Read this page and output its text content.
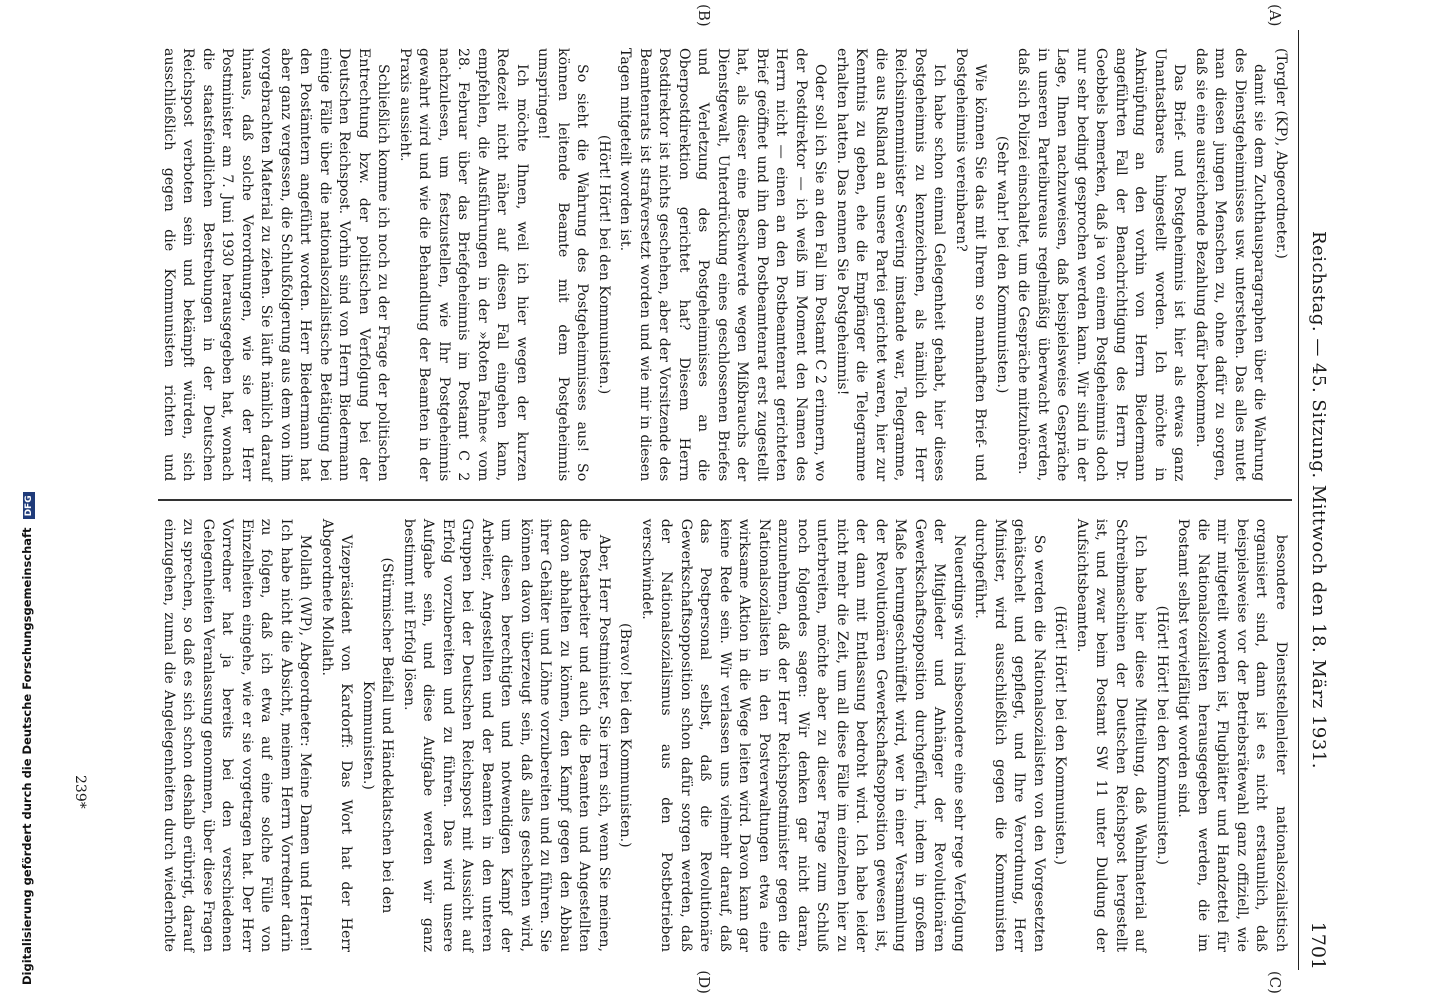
Digitalisierung gefördert durch die Deutsche Forschungsgemeinschaft DFG
239*
Reichstag. — 45. Sitzung. Mittwoch den 18. März 1931.
1701

(Torgler (KP), Abgeordneter.)

damit sie dem Zuchthausparagraphen über die Wahrung des Dienstgeheimnisses usw. unterstehen. Das alles mutet man diesen jungen Menschen zu, ohne dafür zu sorgen, daß sie eine ausreichende Bezahlung dafür bekommen.

Das Brief- und Postgeheimnis ist hier als etwas ganz Unantastbares hingestellt worden. Ich möchte in Anknüpfung an den vorhin von Herrn Biedermann angeführten Fall der Benachrichtigung des Herrn Dr. Goebbels bemerken, daß ja von einem Postgeheimnis doch nur sehr bedingt gesprochen werden kann. Wir sind in der Lage, Ihnen nachzuweisen, daß beispielsweise Gespräche in unseren Parteibureaus regelmäßig überwacht werden, daß sich Polizei einschaltet, um die Gespräche mitzuhören.

(Sehr wahr! bei den Kommunisten.)

Wie können Sie das mit Ihrem so mannhaften Brief- und Postgeheimnis vereinbaren?

Ich habe schon einmal Gelegenheit gehabt, hier dieses Postgeheimnis zu kennzeichnen, als nämlich der Herr Reichsinnenminister Severing imstande war, Telegramme, die aus Rußland an unsere Partei gerichtet waren, hier zur Kenntnis zu geben, ehe die Empfänger die Telegramme erhalten hatten. Das nennen Sie Postgeheimnis!

Oder soll ich Sie an den Fall im Postamt C 2 erinnern, wo der Postdirektor — ich weiß im Moment den Namen des Herrn nicht — einen an den Postbeamtenrat gerichteten Brief geöffnet und ihn dem Postbeamtenrat erst zugestellt hat, als dieser eine Beschwerde wegen Mißbrauchs der Dienstgewalt, Unterdrückung eines geschlossenen Briefes und Verletzung des Postgeheimnisses an die Oberpostdirektion gerichtet hat? Diesem Herrn Postdirektor ist nichts geschehen, aber der Vorsitzende des Beamtenrats ist strafversetzt worden und wie mir in diesen Tagen mitgeteilt worden ist.

(Hört! Hört! bei den Kommunisten.)

So sieht die Wahrung des Postgeheimnisses aus! So können leitende Beamte mit dem Postgeheimnis umspringen!

Ich möchte Ihnen, weil ich hier wegen der kurzen Redezeit nicht näher auf diesen Fall eingehen kann, empfehlen, die Ausführungen in der »Roten Fahne« vom 28. Februar über das Briefgeheimnis im Postamt C 2 nachzulesen, um festzustellen, wie Ihr Postgeheimnis gewahrt wird und wie die Behandlung der Beamten in der Praxis aussieht.

Schließlich komme ich noch zu der Frage der politischen Entrechtung bzw. der politischen Verfolgung bei der Deutschen Reichspost. Vorhin sind von Herrn Biedermann einige Fälle über die nationalsozialistische Betätigung bei den Postämtern angeführt worden. Herr Biedermann hat aber ganz vergessen, die Schlußfolgerung aus dem von ihm vorgebrachten Material zu ziehen. Sie läuft nämlich darauf hinaus, daß solche Verordnungen, wie sie der Herr Postminister am 7. Juni 1930 herausgegeben hat, wonach die staatsfeindlichen Bestrebungen in der Deutschen Reichspost verboten sein und bekämpft würden, sich ausschließlich gegen die Kommunisten richten und

besondere Dienststellenleiter nationalsozialistisch organisiert sind, dann ist es nicht erstaunlich, daß beispielsweise vor der Betriebsrätewahl ganz offiziell, wie mir mitgeteilt worden ist, Flugblätter und Handzettel für die Nationalsozialisten herausgegeben werden, die im Postamt selbst vervielfältigt worden sind.

(Hört! Hört! bei den Kommunisten.)

Ich habe hier diese Mitteilung, daß Wahlmaterial auf Schreibmaschinen der Deutschen Reichspost hergestellt ist, und zwar beim Postamt SW 11 unter Duldung der Aufsichtsbeamten.

(Hört! Hört! bei den Kommunisten.)

So werden die Nationalsozialisten von den Vorgesetzten gehätschelt und gepflegt, und Ihre Verordnung, Herr Minister, wird ausschließlich gegen die Kommunisten durchgeführt.

Neuerdings wird insbesondere eine sehr rege Verfolgung der Mitglieder und Anhänger der Revolutionären Gewerkschaftsopposition durchgeführt, indem in großem Maße herumgeschnüffelt wird, wer in einer Versammlung der Revolutionären Gewerkschaftsopposition gewesen ist, der dann mit Entlassung bedroht wird. Ich habe leider nicht mehr die Zeit, um all diese Fälle im einzelnen hier zu unterbreiten, möchte aber zu dieser Frage zum Schluß noch folgendes sagen: Wir denken gar nicht daran, anzunehmen, daß der Herr Reichspostminister gegen die Nationalsozialisten in den Postverwaltungen etwa eine wirksame Aktion in die Wege leiten wird. Davon kann gar keine Rede sein. Wir verlassen uns vielmehr darauf, daß das Postpersonal selbst, daß die Revolutionäre Gewerkschaftsopposition schon dafür sorgen werden, daß der Nationalsozialismus aus den Postbetrieben verschwindet.

(Bravo! bei den Kommunisten.)

Aber, Herr Postminister, Sie irren sich, wenn Sie meinen, die Postarbeiter und auch die Beamten und Angestellten davon abhalten zu können, den Kampf gegen den Abbau ihrer Gehälter und Löhne vorzubereiten und zu führen. Sie können davon überzeugt sein, daß alles geschehen wird, um diesen berechtigten und notwendigen Kampf der Arbeiter, Angestellten und der Beamten in den unteren Gruppen bei der Deutschen Reichspost mit Aussicht auf Erfolg vorzubereiten und zu führen. Das wird unsere Aufgabe sein, und diese Aufgabe werden wir ganz bestimmt mit Erfolg lösen.

(Stürmischer Beifall und Händeklatschen bei den Kommunisten.)

Vizepräsident von Kardorff: Das Wort hat der Herr Abgeordnete Mollath.

Mollath (WP), Abgeordneter: Meine Damen und Herren! Ich habe nicht die Absicht, meinem Herrn Vorredner darin zu folgen, daß ich etwa auf eine solche Fülle von Einzelheiten eingehe, wie er sie vorgetragen hat. Der Herr Vorredner hat ja bereits bei den verschiedenen Gelegenheiten Veranlassung genommen, über diese Fragen zu sprechen, so daß es sich schon deshalb erübrigt, darauf einzugehen, zumal die Angelegenheiten durch wiederholte

(A)
(B)
(C)
(D)
